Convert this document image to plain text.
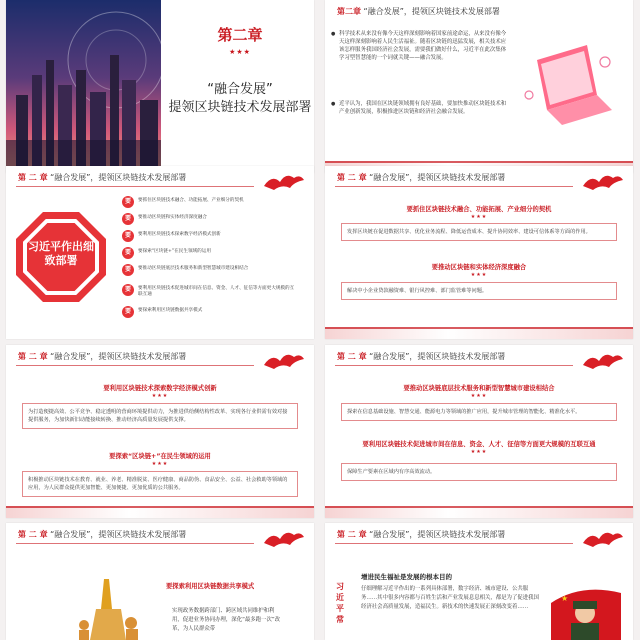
第二章
★★★
“融合发展”
提领区块链技术发展部署
第二章 “融合发展”，提领区块链技术发展部署
● 科学技术从来没有像今天这样深刻影响着国家前途命运，从来没有像今天这样深刻影响着人民生活福祉。随着区块链的迅猛发展，相关技术应该怎样服务我国经济社会发展，需要我们做好什么，习近平在此次集体学习型智慧能的一个词就关键——融合发展。
● 近平认为，我国在区块链领域拥有良好基础，要加快推动区块链技术和产业创新发展，积极推进区块链和经济社会融合发展。
第 二 章 “融合发展”，提领区块链技术发展部署
习近平作出细致部署
要	要抓住区块链技术融合、功能拓展、产业细分的契机
要	要推动区块链和实体经济深度融合
要	要利用区块链技术探索数字经济模式创新
要	要探索“区块链+”在民生领域的运用
要	要推动区块链底层技术服务和新型智慧城市建设相结合
要	要利用区块链技术促进城市间在信息、资金、人才、征信等方面更大规模的互联互通
要	要探索利用区块链数据共享模式
第 二 章 “融合发展”，提领区块链技术发展部署
要抓住区块链技术融合、功能拓展、产业细分的契机
★★★
发挥区块链在促进数据共享、优化业务流程、降低运营成本、提升协同效率、建设可信体系等方面的作用。
要推动区块链和实体经济深度融合
★★★
解决中小企业贷款融资难、银行风控难、部门监管难等问题。
第 二 章 “融合发展”，提领区块链技术发展部署
要利用区块链技术探索数字经济模式创新
★★★
为打造便捷高效、公平竞争、稳定透明的营商环境提供动力，为推进供给侧结构性改革、实现各行业供需有效对接提供服务，为加快新旧动能接续转换、推动经济高质量发展提供支撑。
要探索“区块链+”在民生领域的运用
★★★
积极推动区块链技术在教育、就业、养老、精准脱贫、医疗健康、商品防伪、食品安全、公益、社会救助等领域的应用，为人民群众提供更加智能、更加便捷、更加优质的公共服务。
第 二 章 “融合发展”，提领区块链技术发展部署
要推动区块链底层技术服务和新型智慧城市建设相结合
★★★
探索在信息基础设施、智慧交通、能源电力等领域的推广应用，提升城市管理的智能化、精准化水平。
要利用区块链技术促进城市间在信息、资金、人才、征信等方面更大规模的互联互通
★★★
保障生产要素在区域内有序高效流动。
第 二 章 “融合发展”，提领区块链技术发展部署
要探索利用区块链数据共享模式
实现政务数据跨部门、跨区域共同维护和利用，促进业务协同办理，深化“最多跑一次”改革，为人民群众带
第 二 章 “融合发展”，提领区块链技术发展部署
习近平常
增进民生福祉是发展的根本目的
仔细理解习近平作出的一系列具体部署，数字经济、城市建设、公共服务……其中很多内容都与百姓生活和产业发展息息相关，都是为了促进我国经济社会高质量发展，造福民生。新技术的快速发展正深刻改变着……
★
